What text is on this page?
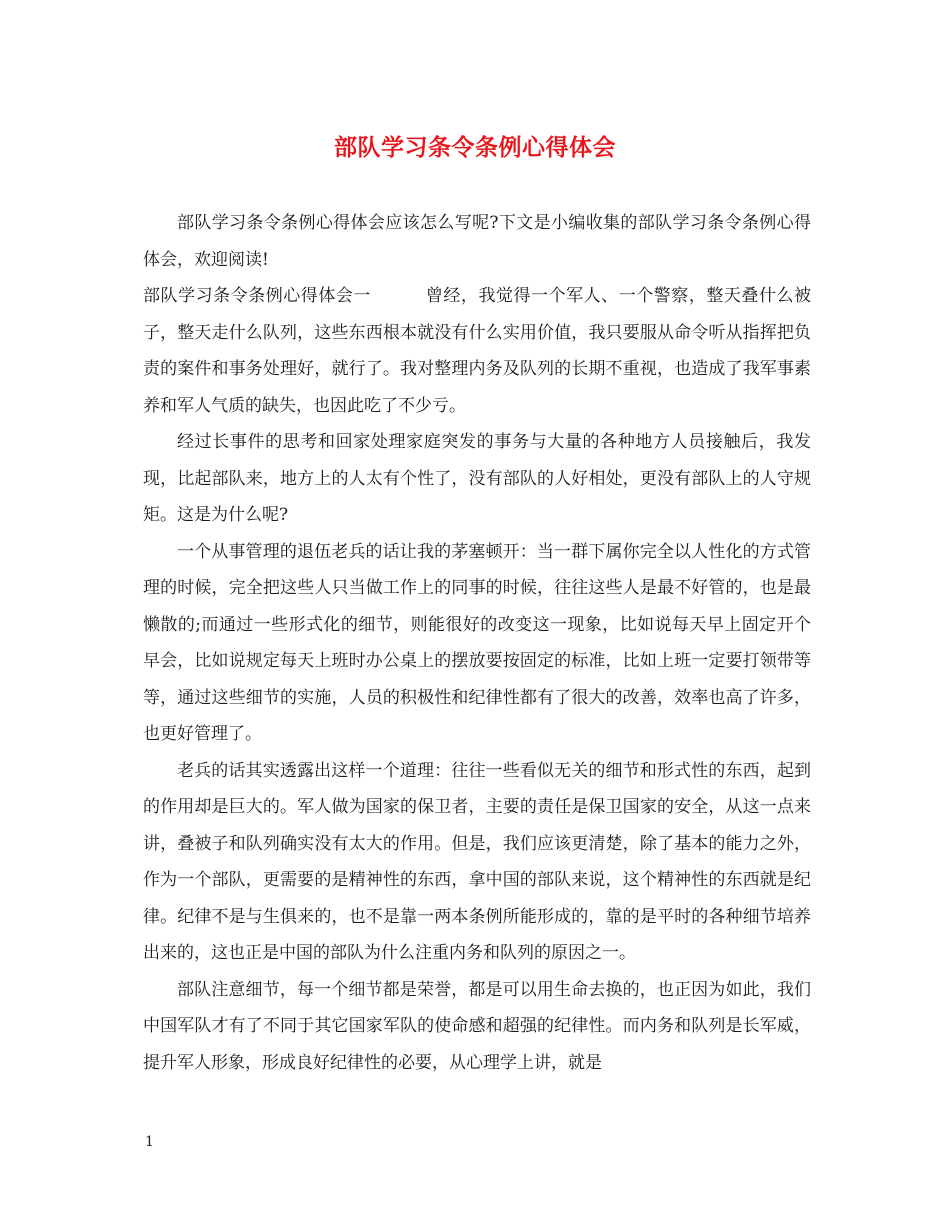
部队学习条令条例心得体会

部队学习条令条例心得体会应该怎么写呢?下文是小编收集的部队学习条令条例心得体会，欢迎阅读!

部队学习条令条例心得体会一	曾经，我觉得一个军人、一个警察，整天叠什么被子，整天走什么队列，这些东西根本就没有什么实用价值，我只要服从命令听从指挥把负责的案件和事务处理好，就行了。我对整理内务及队列的长期不重视，也造成了我军事素养和军人气质的缺失，也因此吃了不少亏。

经过长事件的思考和回家处理家庭突发的事务与大量的各种地方人员接触后，我发现，比起部队来，地方上的人太有个性了，没有部队的人好相处，更没有部队上的人守规矩。这是为什么呢?

一个从事管理的退伍老兵的话让我的茅塞顿开：当一群下属你完全以人性化的方式管理的时候，完全把这些人只当做工作上的同事的时候，往往这些人是最不好管的，也是最懒散的;而通过一些形式化的细节，则能很好的改变这一现象，比如说每天早上固定开个早会，比如说规定每天上班时办公桌上的摆放要按固定的标准，比如上班一定要打领带等等，通过这些细节的实施，人员的积极性和纪律性都有了很大的改善，效率也高了许多，也更好管理了。

老兵的话其实透露出这样一个道理：往往一些看似无关的细节和形式性的东西，起到的作用却是巨大的。军人做为国家的保卫者，主要的责任是保卫国家的安全，从这一点来讲，叠被子和队列确实没有太大的作用。但是，我们应该更清楚，除了基本的能力之外，作为一个部队，更需要的是精神性的东西，拿中国的部队来说，这个精神性的东西就是纪律。纪律不是与生俱来的，也不是靠一两本条例所能形成的，靠的是平时的各种细节培养出来的，这也正是中国的部队为什么注重内务和队列的原因之一。

部队注意细节，每一个细节都是荣誉，都是可以用生命去换的，也正因为如此，我们中国军队才有了不同于其它国家军队的使命感和超强的纪律性。而内务和队列是长军威，提升军人形象，形成良好纪律性的必要，从心理学上讲，就是

1
